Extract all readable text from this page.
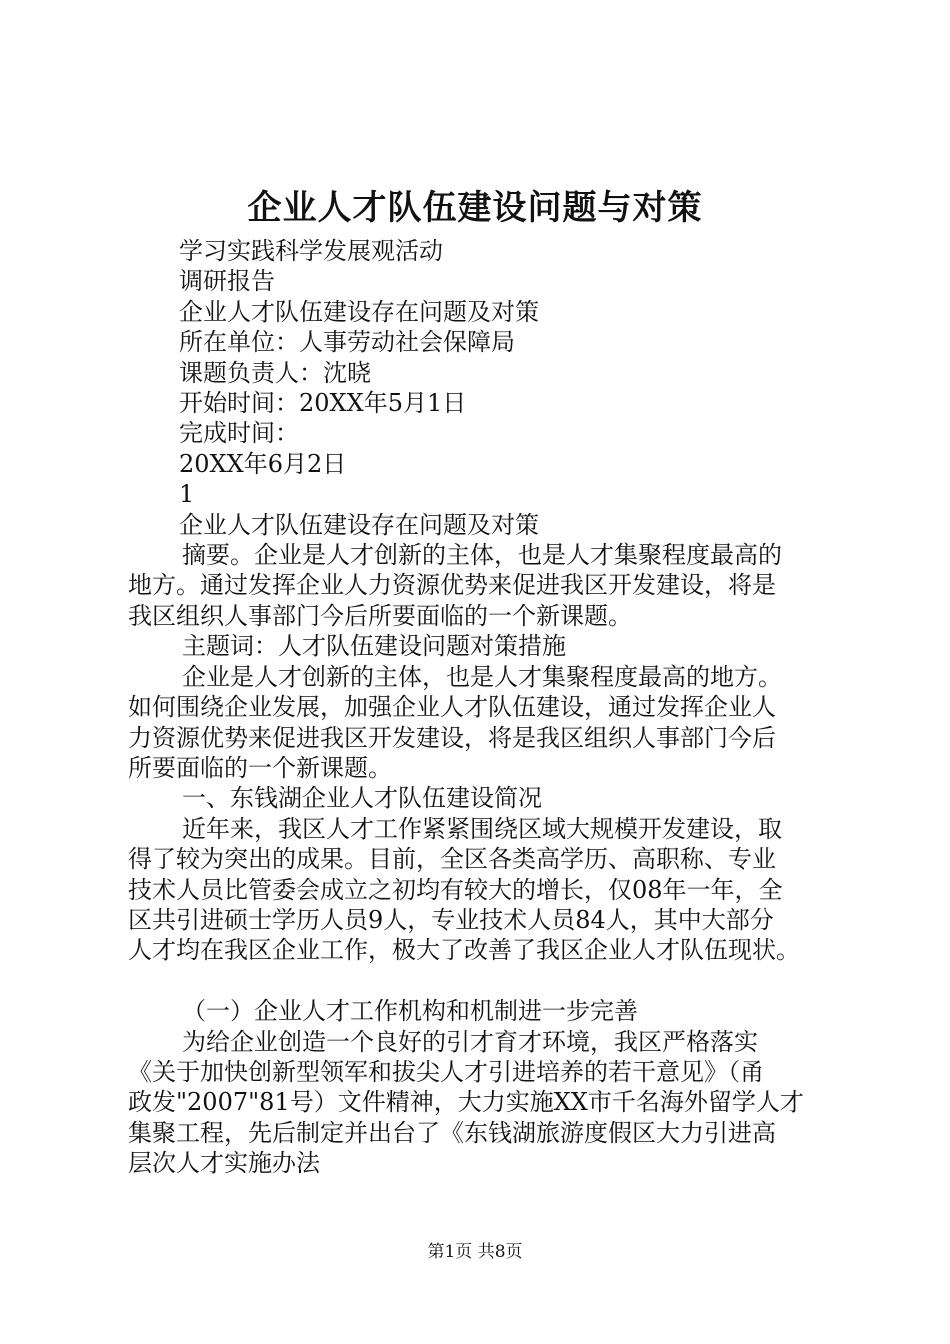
企业人才队伍建设问题与对策

学习实践科学发展观活动

调研报告

企业人才队伍建设存在问题及对策

所在单位：人事劳动社会保障局

课题负责人：沈晓

开始时间：20XX年5月1日

完成时间：

20XX年6月2日

1

企业人才队伍建设存在问题及对策

摘要。企业是人才创新的主体，也是人才集聚程度最高的

地方。通过发挥企业人力资源优势来促进我区开发建设，将是

我区组织人事部门今后所要面临的一个新课题。

主题词：人才队伍建设问题对策措施

企业是人才创新的主体，也是人才集聚程度最高的地方。

如何围绕企业发展，加强企业人才队伍建设，通过发挥企业人

力资源优势来促进我区开发建设，将是我区组织人事部门今后

所要面临的一个新课题。

一、东钱湖企业人才队伍建设简况

近年来，我区人才工作紧紧围绕区域大规模开发建设，取

得了较为突出的成果。目前，全区各类高学历、高职称、专业

技术人员比管委会成立之初均有较大的增长，仅08年一年，全

区共引进硕士学历人员9人，专业技术人员84人，其中大部分

人才均在我区企业工作，极大了改善了我区企业人才队伍现状。

（一）企业人才工作机构和机制进一步完善

为给企业创造一个良好的引才育才环境，我区严格落实

《关于加快创新型领军和拔尖人才引进培养的若干意见》（甬

政发"2007"81号）文件精神，大力实施XX市千名海外留学人才

集聚工程，先后制定并出台了《东钱湖旅游度假区大力引进高

层次人才实施办法

第1页 共8页
